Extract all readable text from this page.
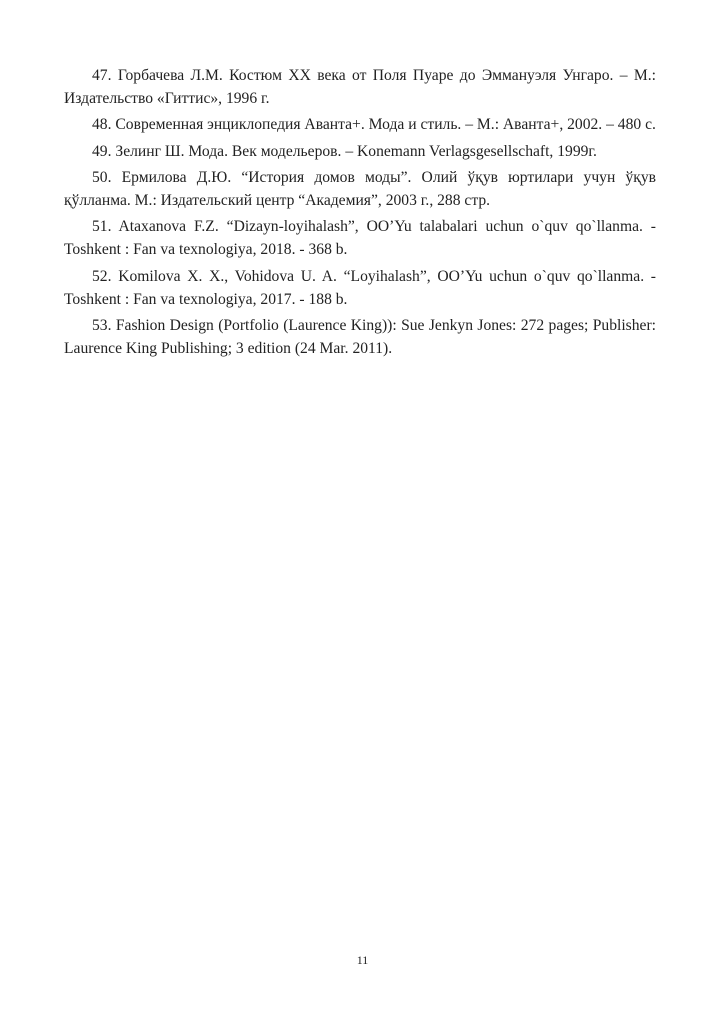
47. Горбачева Л.М. Костюм ХХ века от Поля Пуаре до Эммануэля Унгаро. – М.: Издательство «Гиттис», 1996 г.

48. Современная энциклопедия Аванта+. Мода и стиль. – М.: Аванта+, 2002. – 480 с.

49. Зелинг Ш. Мода. Век модельеров. – Konemann Verlagsgesellschaft, 1999г.

50. Ермилова Д.Ю. “История домов моды”. Олий ўқув юртилари учун ўқув қўлланма. М.: Издательский центр “Академия”, 2003 г., 288 стр.

51. Ataxanova F.Z. “Dizayn-loyihalash”, OO’Yu talabalari uchun o`quv qo`llanma. - Toshkent : Fan va texnologiya, 2018. - 368 b.

52. Komilova X. X., Vohidova U. A. “Loyihalash”, OO’Yu uchun o`quv qo`llanma. - Toshkent : Fan va texnologiya, 2017. - 188 b.

53. Fashion Design (Portfolio (Laurence King)): Sue Jenkyn Jones: 272 pages; Publisher: Laurence King Publishing; 3 edition (24 Mar. 2011).

11
